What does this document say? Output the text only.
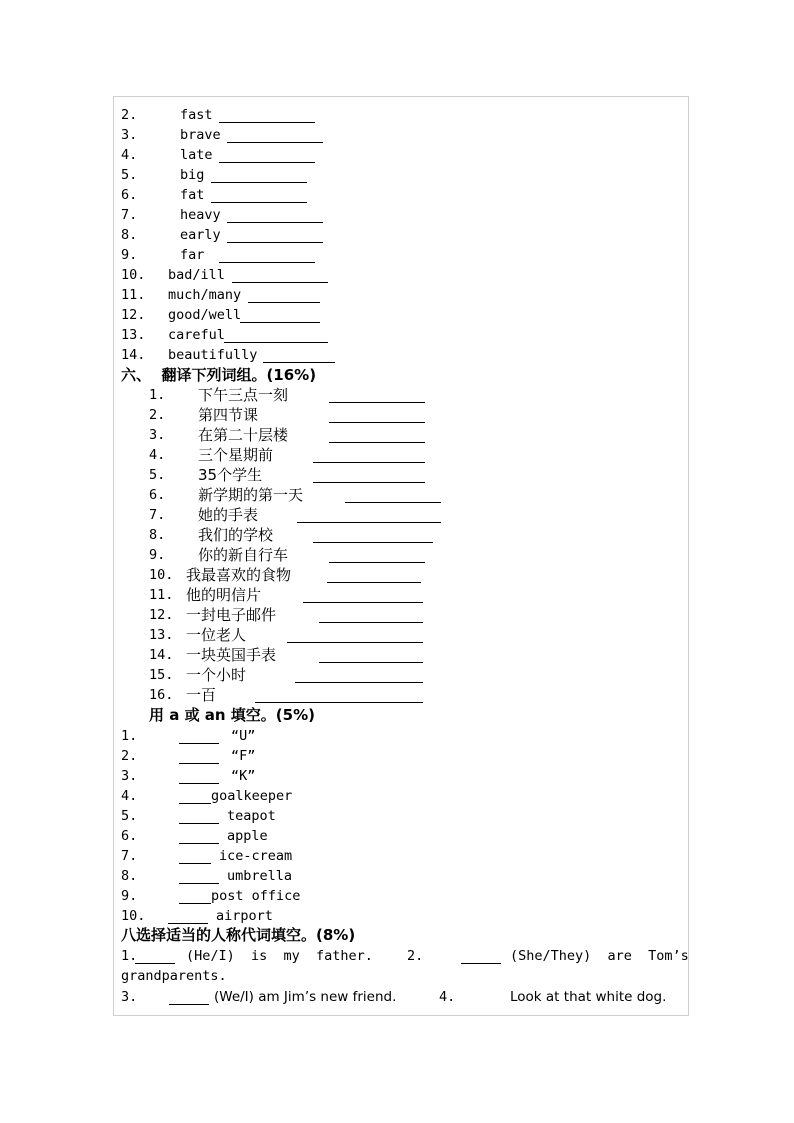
2.	fast
3.	brave
4.	late
5.	big
6.	fat
7.	heavy
8.	early
9.	far
10. bad/ill
11. much/many
12. good/well
13. careful
14. beautifully
六、  翻译下列词组。(16%)
1. 下午三点一刻
2. 第四节课
3. 在第二十层楼
4. 三个星期前
5. 35个学生
6. 新学期的第一天
7. 她的手表
8. 我们的学校
9. 你的新自行车
10. 我最喜欢的食物
11. 他的明信片
12. 一封电子邮件
13. 一位老人
14. 一块英国手表
15. 一个小时
16. 一百
用 a 或 an 填空。(5%)
1.	“U”
2.	“F”
3.	“K”
4.	goalkeeper
5.	teapot
6.	apple
7.	ice-cream
8.	umbrella
9.	post office
10.	airport
八选择适当的人称代词填空。(8%)
1.	(He/I)  is  my  father.	2.	(She/They)  are  Tom’s
grandparents.
3.	(We/I) am Jim’s new friend.	4.	Look at that white dog.
